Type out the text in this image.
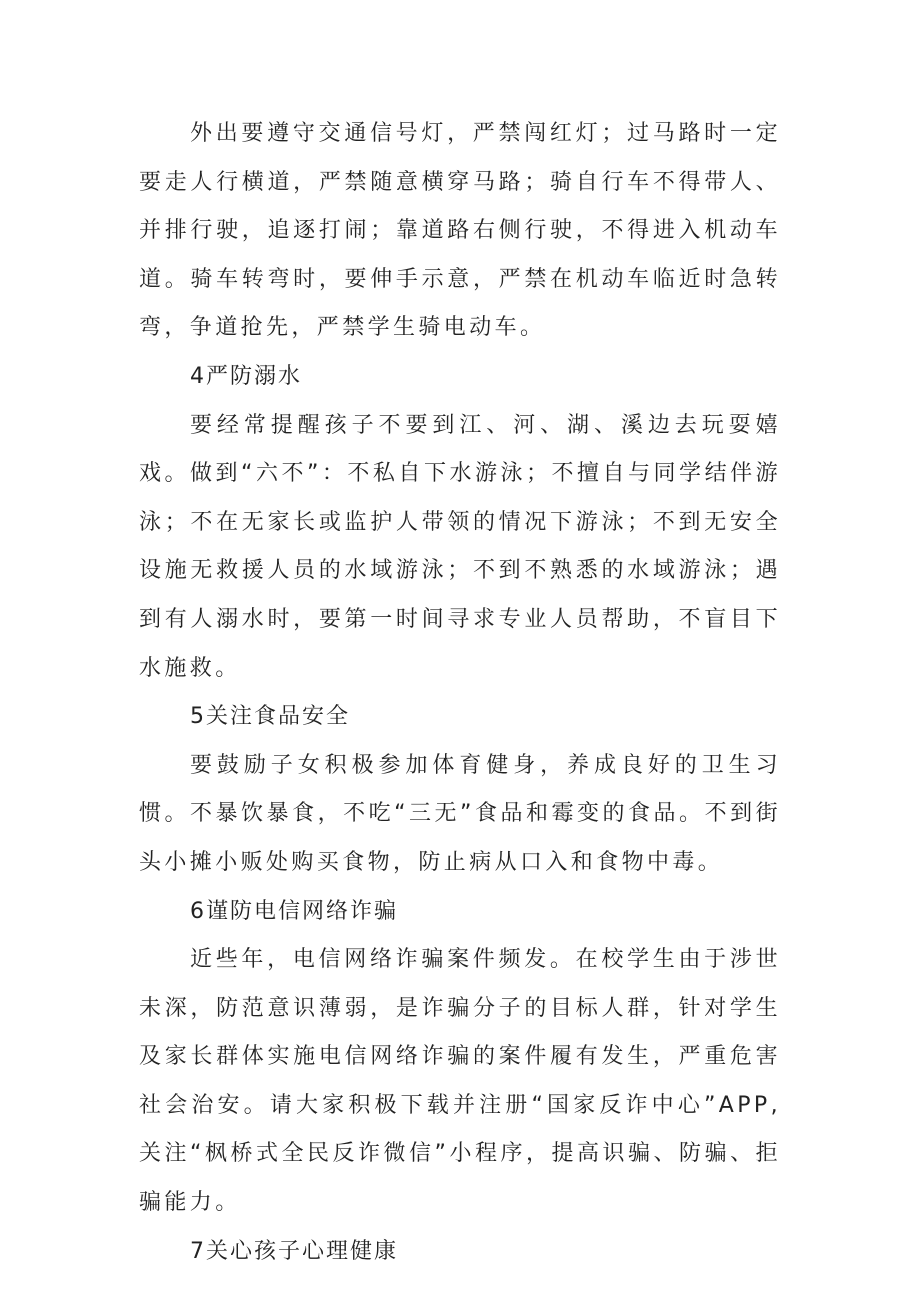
外出要遵守交通信号灯，严禁闯红灯；过马路时一定要走人行横道，严禁随意横穿马路；骑自行车不得带人、并排行驶，追逐打闹；靠道路右侧行驶，不得进入机动车道。骑车转弯时，要伸手示意，严禁在机动车临近时急转弯，争道抢先，严禁学生骑电动车。

4严防溺水

要经常提醒孩子不要到江、河、湖、溪边去玩耍嬉戏。做到“六不”：不私自下水游泳；不擅自与同学结伴游泳；不在无家长或监护人带领的情况下游泳；不到无安全设施无救援人员的水域游泳；不到不熟悉的水域游泳；遇到有人溺水时，要第一时间寻求专业人员帮助，不盲目下水施救。

5关注食品安全

要鼓励子女积极参加体育健身，养成良好的卫生习惯。不暴饮暴食，不吃“三无”食品和霉变的食品。不到街头小摊小贩处购买食物，防止病从口入和食物中毒。

6谨防电信网络诈骗

近些年，电信网络诈骗案件频发。在校学生由于涉世未深，防范意识薄弱，是诈骗分子的目标人群，针对学生及家长群体实施电信网络诈骗的案件履有发生，严重危害社会治安。请大家积极下载并注册“国家反诈中心”APP,关注“枫桥式全民反诈微信”小程序，提高识骗、防骗、拒骗能力。

7关心孩子心理健康
